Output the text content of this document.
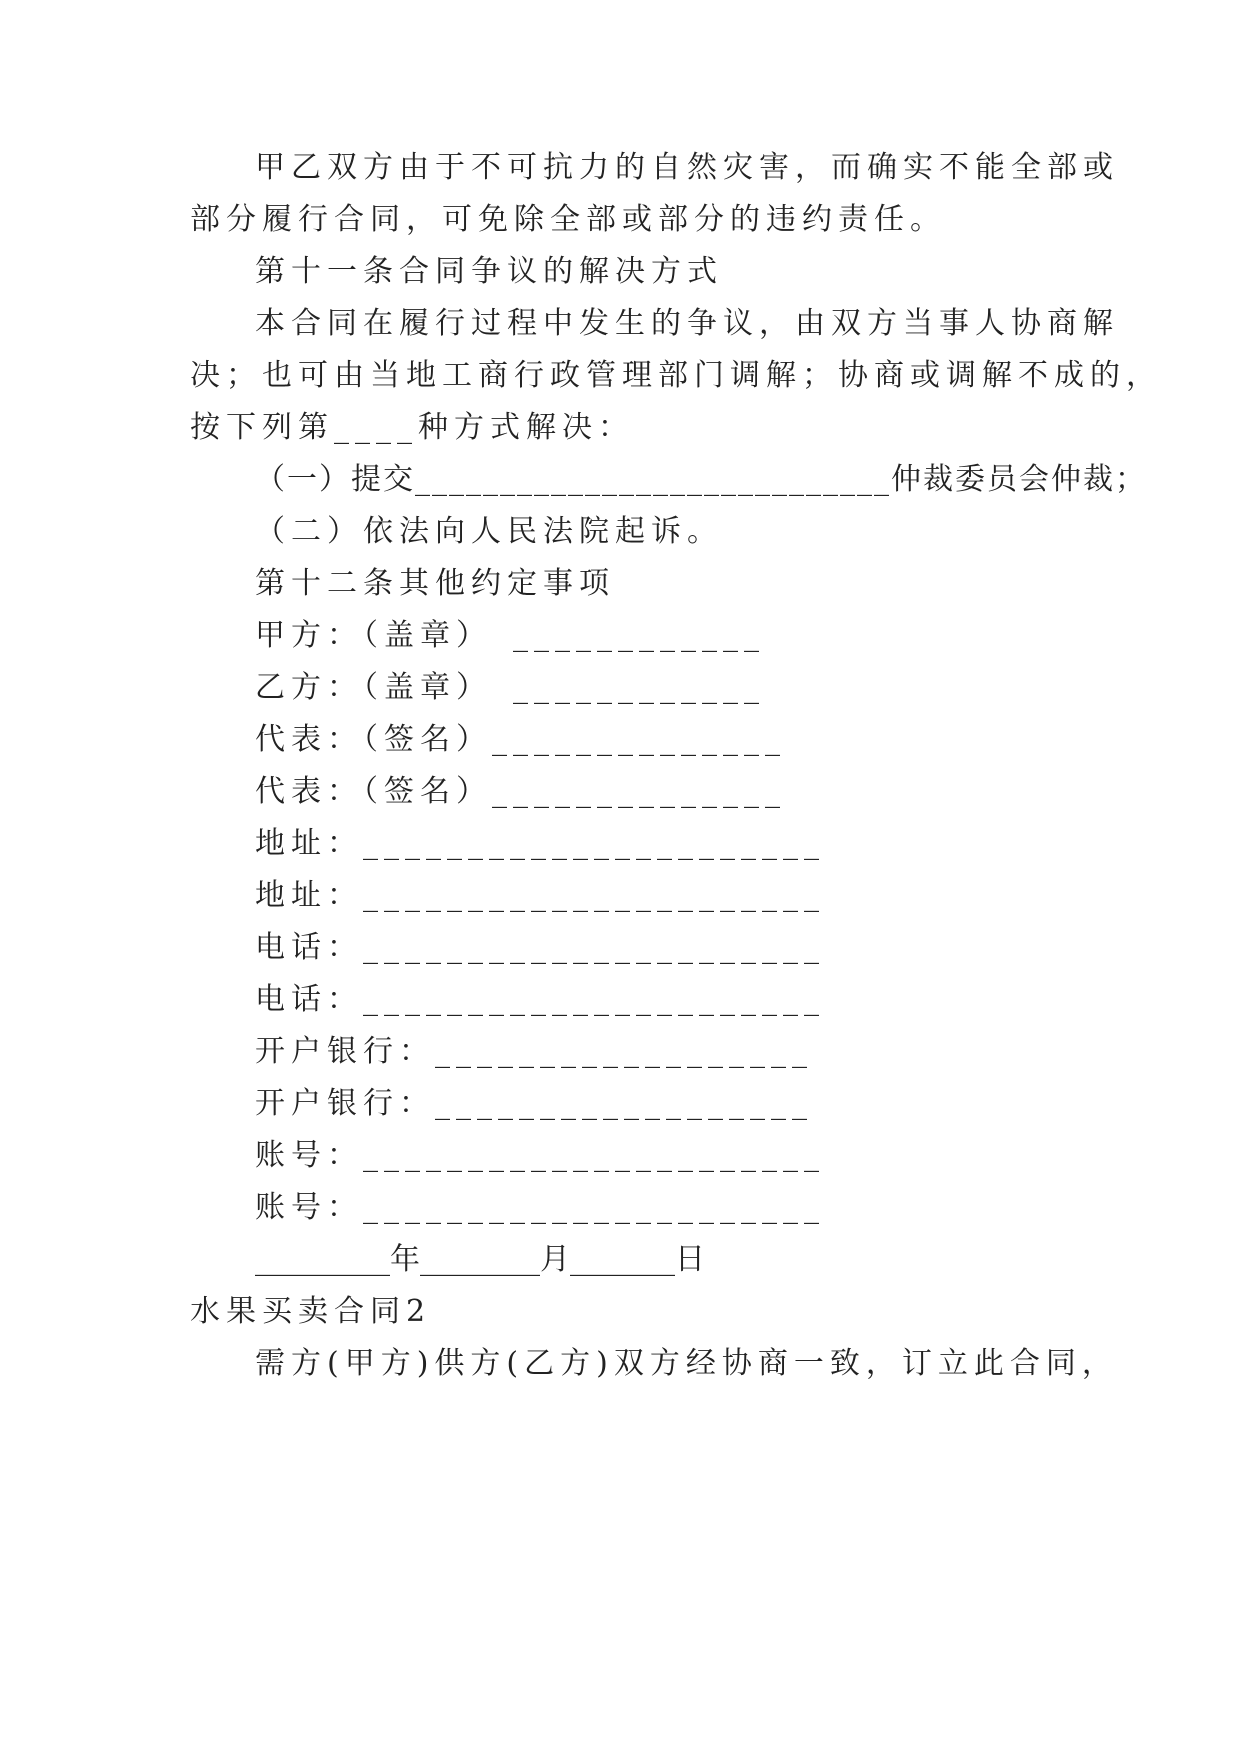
甲乙双方由于不可抗力的自然灾害，而确实不能全部或
部分履行合同，可免除全部或部分的违约责任。
第十一条合同争议的解决方式
本合同在履行过程中发生的争议，由双方当事人协商解
决；也可由当地工商行政管理部门调解；协商或调解不成的，
按下列第____种方式解决：
（一）提交____________________________仲裁委员会仲裁；
（二）依法向人民法院起诉。
第十二条其他约定事项
甲方：（盖章）　____________
乙方：（盖章）　____________
代表：（签名）______________
代表：（签名）______________
地址：______________________
地址：______________________
电话：______________________
电话：______________________
开户银行：__________________
开户银行：__________________
账号：______________________
账号：______________________
_________年________月_______日
水果买卖合同2
需方(甲方)供方(乙方)双方经协商一致，订立此合同，
